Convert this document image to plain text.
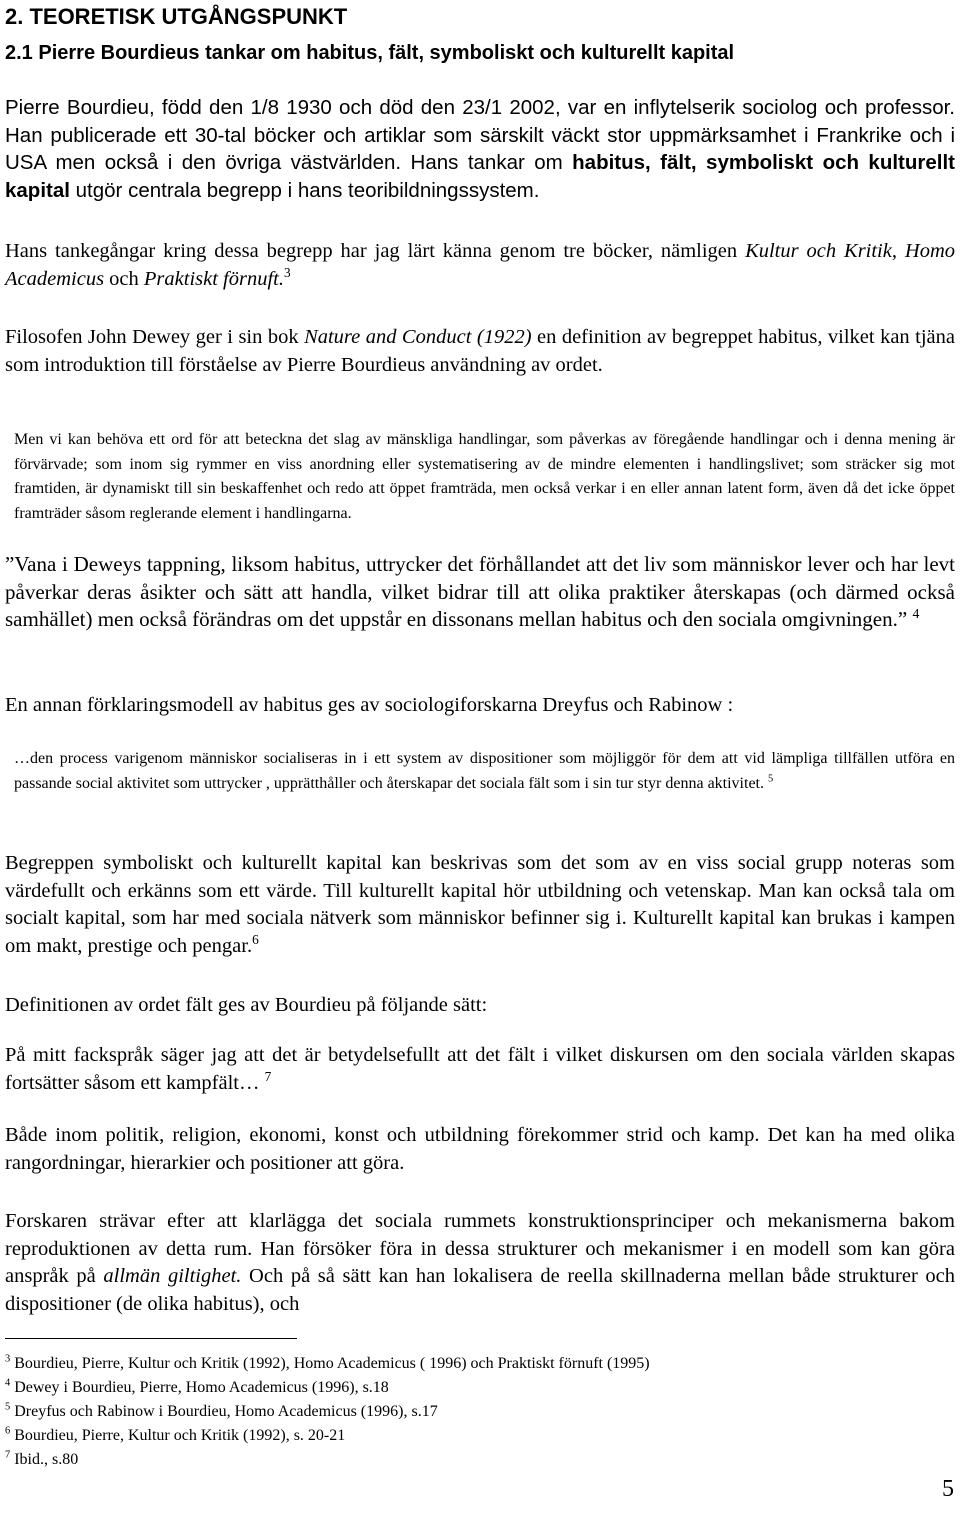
2. TEORETISK UTGÅNGSPUNKT
2.1 Pierre Bourdieus tankar om habitus, fält, symboliskt och kulturellt kapital

Pierre Bourdieu, född den 1/8 1930 och död den 23/1 2002, var en inflytelserik sociolog och professor. Han publicerade ett 30-tal böcker och artiklar som särskilt väckt stor uppmärksamhet i Frankrike och i USA men också i den övriga västvärlden. Hans tankar om habitus, fält, symboliskt och kulturellt kapital utgör centrala begrepp i hans teoribildningssystem.

Hans tankegångar kring dessa begrepp har jag lärt känna genom tre böcker, nämligen Kultur och Kritik, Homo Academicus och Praktiskt förnuft.$^3$

Filosofen John Dewey ger i sin bok Nature and Conduct (1922) en definition av begreppet habitus, vilket kan tjäna som introduktion till förståelse av Pierre Bourdieus användning av ordet.

Men vi kan behöva ett ord för att beteckna det slag av mänskliga handlingar, som påverkas av föregående handlingar och i denna mening är förvärvade; som inom sig rymmer en viss anordning eller systematisering av de mindre elementen i handlingslivet; som sträcker sig mot framtiden, är dynamiskt till sin beskaffenhet och redo att öppet framträda, men också verkar i en eller annan latent form, även då det icke öppet framträder såsom reglerande element i handlingarna.

”Vana i Deweys tappning, liksom habitus, uttrycker det förhållandet att det liv som människor lever och har levt påverkar deras åsikter och sätt att handla, vilket bidrar till att olika praktiker återskapas (och därmed också samhället) men också förändras om det uppstår en dissonans mellan habitus och den sociala omgivningen.” $^4$

En annan förklaringsmodell av habitus ges av sociologiforskarna Dreyfus och Rabinow :

…den process varigenom människor socialiseras in i ett system av dispositioner som möjliggör för dem att vid lämpliga tillfällen utföra en passande social aktivitet som uttrycker , upprätthåller och återskapar det sociala fält som i sin tur styr denna aktivitet. $^5$

Begreppen symboliskt och kulturellt kapital kan beskrivas som det som av en viss social grupp noteras som värdefullt och erkänns som ett värde. Till kulturellt kapital hör utbildning och vetenskap. Man kan också tala om socialt kapital, som har med sociala nätverk som människor befinner sig i. Kulturellt kapital kan brukas i kampen om makt, prestige och pengar.$^6$

Definitionen av ordet fält ges av Bourdieu på följande sätt:

På mitt fackspråk säger jag att det är betydelsefullt att det fält i vilket diskursen om den sociala världen skapas fortsätter såsom ett kampfält… $^7$

Både inom politik, religion, ekonomi, konst och utbildning förekommer strid och kamp. Det kan ha med olika rangordningar, hierarkier och positioner att göra.

Forskaren strävar efter att klarlägga det sociala rummets konstruktionsprinciper och mekanismerna bakom reproduktionen av detta rum. Han försöker föra in dessa strukturer och mekanismer i en modell som kan göra anspråk på allmän giltighet. Och på så sätt kan han lokalisera de reella skillnaderna mellan både strukturer och dispositioner (de olika habitus), och

$^3$ Bourdieu, Pierre, Kultur och Kritik (1992), Homo Academicus ( 1996) och Praktiskt förnuft (1995)
$^4$ Dewey i Bourdieu, Pierre, Homo Academicus (1996), s.18
$^5$ Dreyfus och Rabinow i Bourdieu, Homo Academicus (1996), s.17
$^6$ Bourdieu, Pierre, Kultur och Kritik (1992), s. 20-21
$^7$ Ibid., s.80
5
